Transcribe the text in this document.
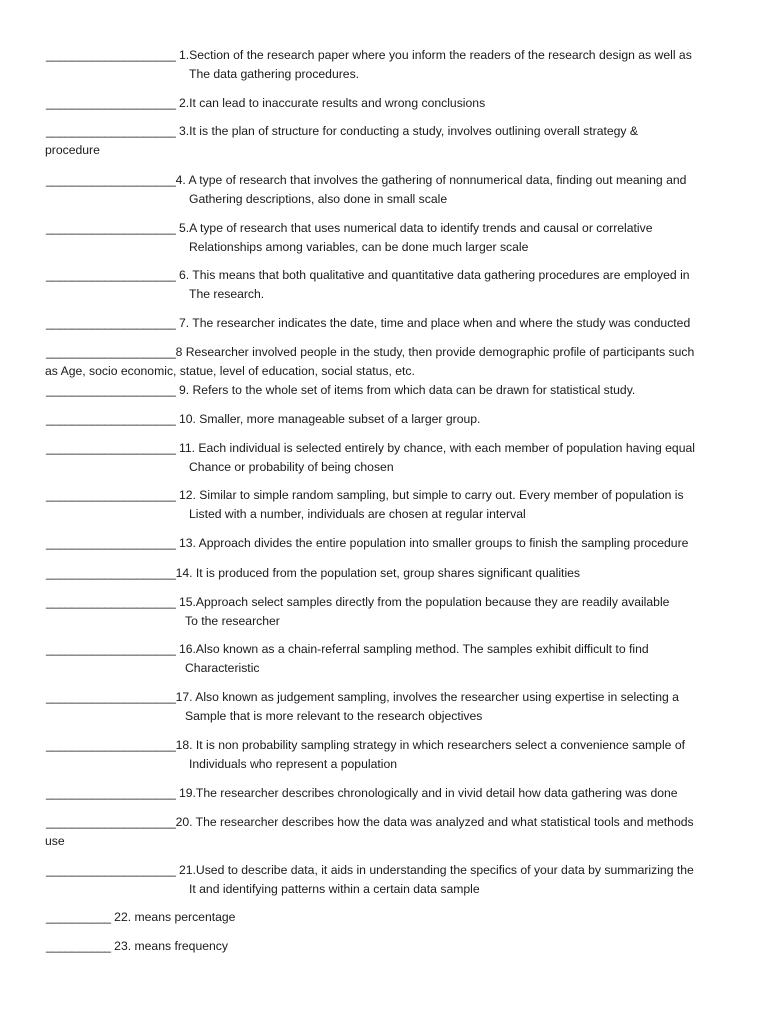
____________________ 1.Section of the research paper where you inform the readers of the research design as well as
The data gathering procedures.
____________________ 2.It can lead to inaccurate results and wrong conclusions
____________________ 3.It is the plan of structure for conducting a study, involves outlining overall strategy &
procedure
____________________4. A type of research that involves the gathering of nonnumerical data, finding out meaning and
Gathering descriptions, also done in small scale
____________________ 5.A type of research that uses numerical data to identify trends and causal or correlative
Relationships among variables, can be done much larger scale
____________________ 6. This means that both qualitative and quantitative data gathering procedures are employed in
The research.
____________________ 7. The researcher indicates the date, time and place when and where the study was conducted
____________________8 Researcher involved people in the study, then provide demographic profile of participants such
as Age, socio economic, statue, level of education, social status, etc.
____________________ 9. Refers to the whole set of items from which data can be drawn for statistical study.
____________________ 10. Smaller, more manageable subset of a larger group.
____________________ 11. Each individual is selected entirely by chance, with each member of population having equal
Chance or probability of being chosen
____________________ 12. Similar to simple random sampling, but simple to carry out. Every member of population is
Listed with a number, individuals are chosen at regular interval
____________________ 13. Approach divides the entire population into smaller groups to finish the sampling procedure
____________________14. It is produced from the population set, group shares significant qualities
____________________ 15.Approach select samples directly from the population because they are readily available
To the researcher
____________________ 16.Also known as a chain-referral sampling method. The samples exhibit difficult to find
Characteristic
____________________17. Also known as judgement sampling, involves the researcher using expertise in selecting a
Sample that is more relevant to the research objectives
____________________18. It is non probability sampling strategy in which researchers select a convenience sample of
Individuals who represent a population
____________________ 19.The researcher describes chronologically and in vivid detail how data gathering was done
____________________20. The researcher describes how the data was analyzed and what statistical tools and methods
use
____________________ 21.Used to describe data, it aids in understanding the specifics of your data by summarizing the
It and identifying patterns within a certain data sample
__________ 22. means percentage
__________ 23. means frequency
